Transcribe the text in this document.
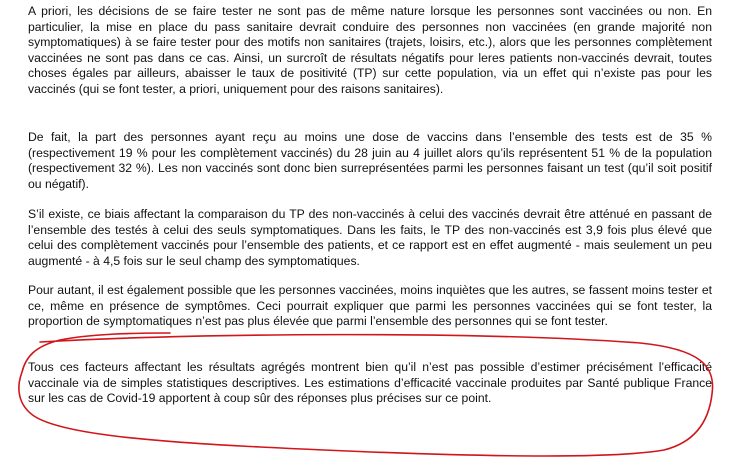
A priori, les décisions de se faire tester ne sont pas de même nature lorsque les personnes sont vaccinées ou non. En particulier, la mise en place du pass sanitaire devrait conduire des personnes non vaccinées (en grande majorité non symptomatiques) à se faire tester pour des motifs non sanitaires (trajets, loisirs, etc.), alors que les personnes complètement vaccinées ne sont pas dans ce cas. Ainsi, un surcroît de résultats négatifs pour leres patients non-vaccinés devrait, toutes choses égales par ailleurs, abaisser le taux de positivité (TP) sur cette population, via un effet qui n’existe pas pour les vaccinés (qui se font tester, a priori, uniquement pour des raisons sanitaires).

De fait, la part des personnes ayant reçu au moins une dose de vaccins dans l’ensemble des tests est de 35 % (respectivement 19 % pour les complètement vaccinés) du 28 juin au 4 juillet alors qu’ils représentent 51 % de la population (respectivement 32 %). Les non vaccinés sont donc bien surreprésentées parmi les personnes faisant un test (qu’il soit positif ou négatif).

S’il existe, ce biais affectant la comparaison du TP des non-vaccinés à celui des vaccinés devrait être atténué en passant de l’ensemble des testés à celui des seuls symptomatiques. Dans les faits, le TP des non-vaccinés est 3,9 fois plus élevé que celui des complètement vaccinés pour l’ensemble des patients, et ce rapport est en effet augmenté - mais seulement un peu augmenté - à 4,5 fois sur le seul champ des symptomatiques.

Pour autant, il est également possible que les personnes vaccinées, moins inquiètes que les autres, se fassent moins tester et ce, même en présence de symptômes. Ceci pourrait expliquer que parmi les personnes vaccinées qui se font tester, la proportion de symptomatiques n’est pas plus élevée que parmi l’ensemble des personnes qui se font tester.

Tous ces facteurs affectant les résultats agrégés montrent bien qu’il n’est pas possible d’estimer précisément l’efficacité vaccinale via de simples statistiques descriptives. Les estimations d’efficacité vaccinale produites par Santé publique France sur les cas de Covid-19 apportent à coup sûr des réponses plus précises sur ce point.
